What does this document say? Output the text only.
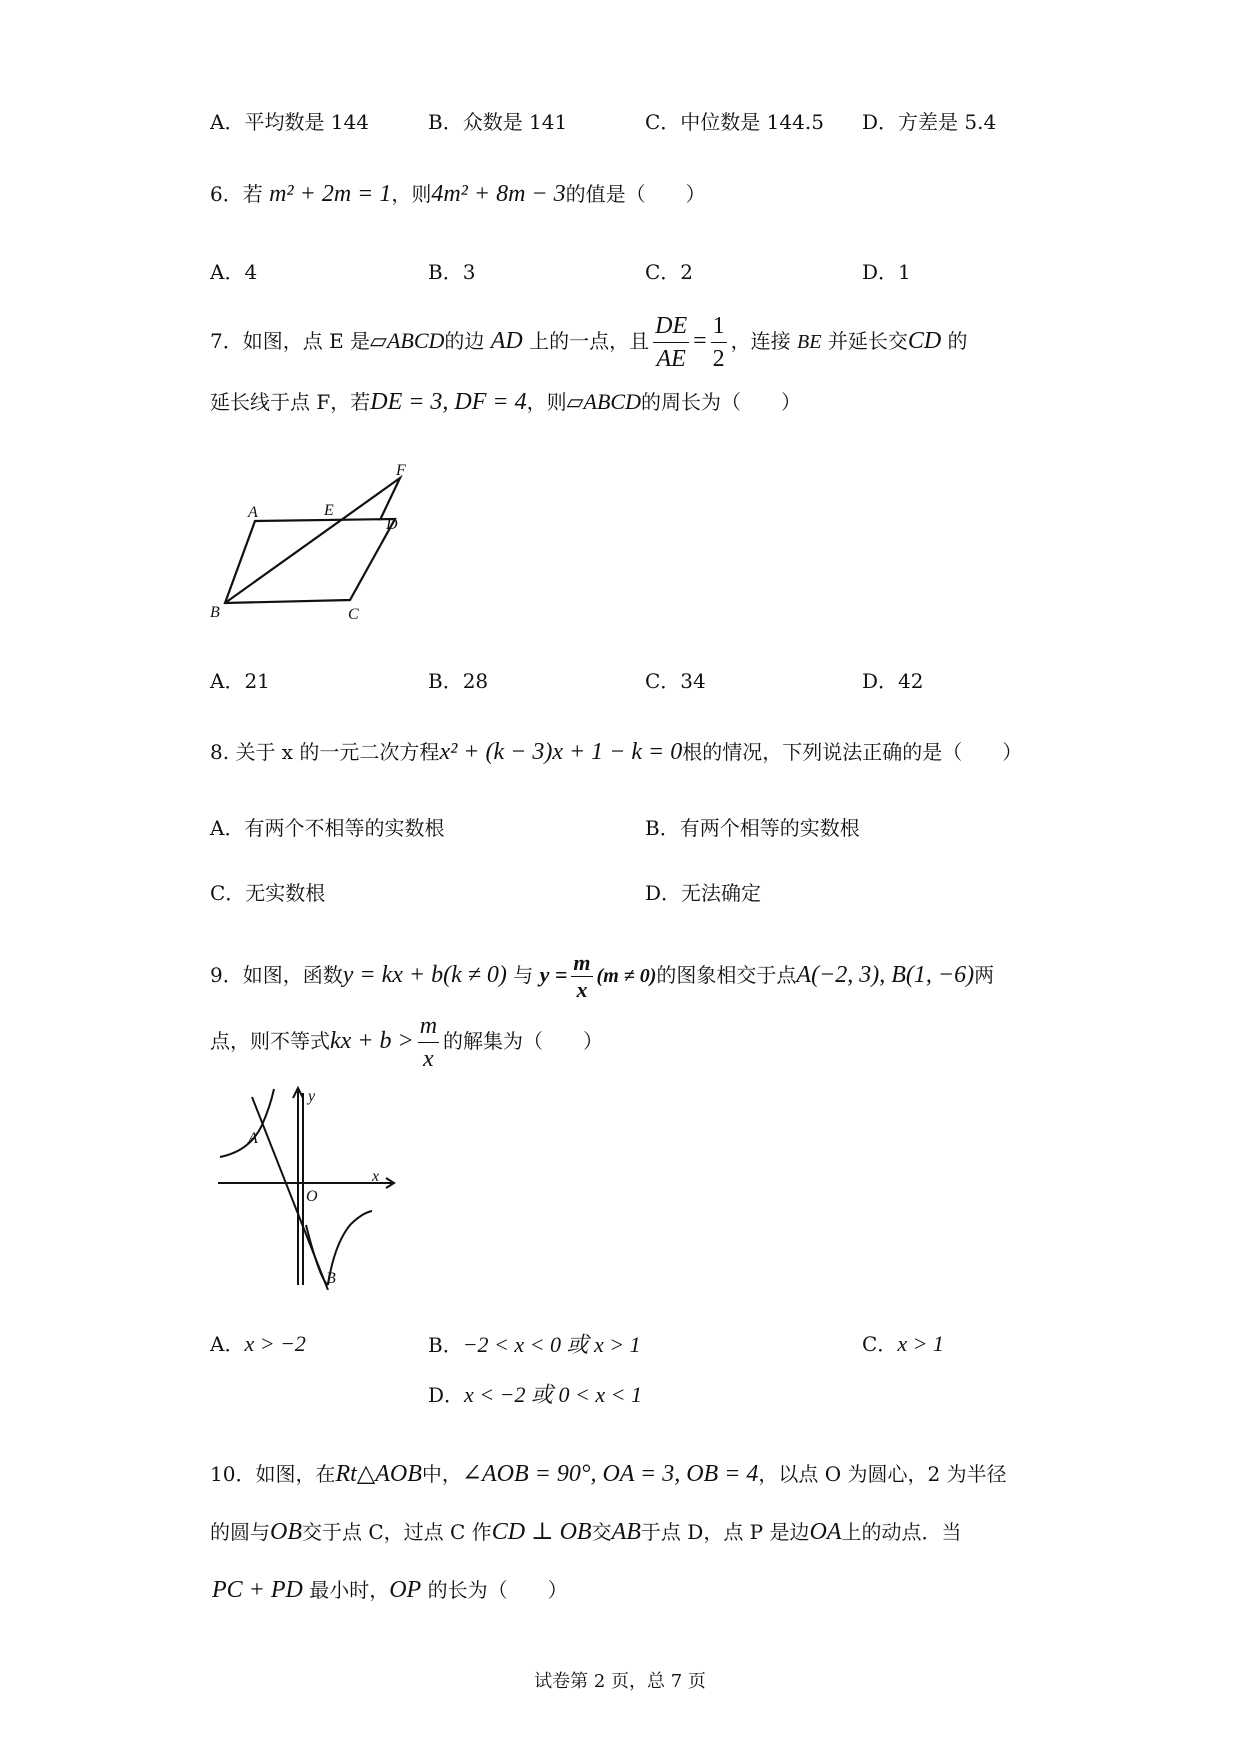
A．平均数是 144	B．众数是 141	C．中位数是 144.5 D．方差是 5.4
6．若 m² + 2m = 1，则4m² + 8m − 3的值是（　　）
A．4	B．3	C．2	D．1
7．如图，点 E 是▱ABCD的边 AD 上的一点，且 $\frac{DE}{AE} = \frac{1}{2}$ ，连接 BE 并延长交CD 的
延长线于点 F，若DE = 3, DF = 4，则▱ABCD的周长为（　　）
A
B	C
D
E
F
A．21	B．28	C．34	D．42
8. 关于 x 的一元二次方程x² + (k − 3)x + 1 − k = 0根的情况，下列说法正确的是（　　）
A．有两个不相等的实数根	B．有两个相等的实数根
C．无实数根	D．无法确定
9．如图，函数y = kx + b(k ≠ 0) 与 $y = \frac{m}{x} (m \ne 0)$的图象相交于点A(−2, 3), B(1, −6)两
点，则不等式kx + $b > \frac{m}{x}$ 的解集为（　　）
A
B
O
x
y
A．x > −2	B．−2 < x < 0 或 x > 1	C．x > 1
D．x < −2 或 0 < x < 1
10．如图，在Rt△AOB中，∠AOB = 90°, OA = 3, OB = 4，以点 O 为圆心，2 为半径
的圆与OB交于点 C，过点 C 作CD ⊥ OB交AB于点 D，点 P 是边OA上的动点．当
PC + PD 最小时，OP 的长为（　　）
试卷第 2 页，总 7 页
